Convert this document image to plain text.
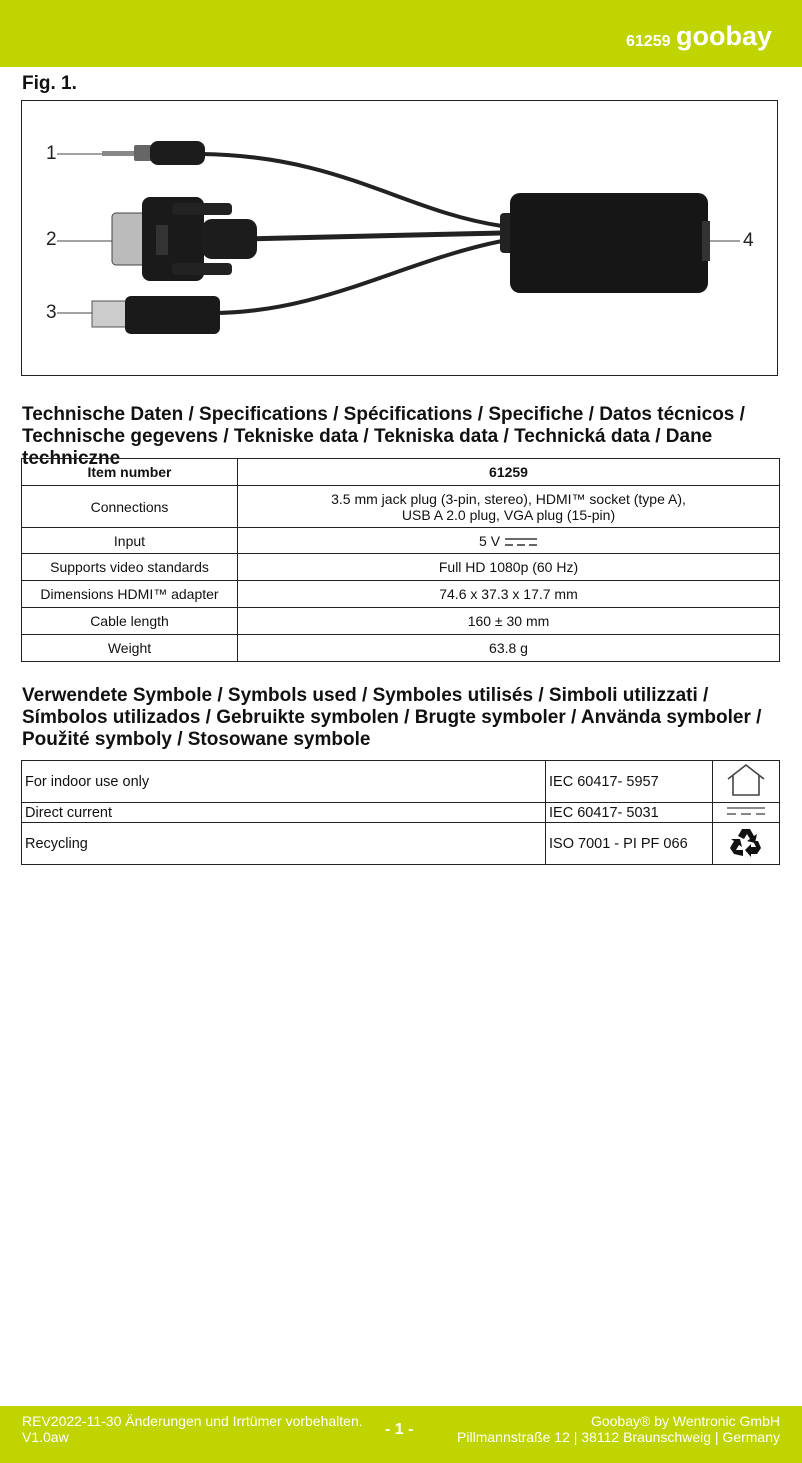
61259 goobay
Fig. 1.
1
2
3
4
Technische Daten / Specifications / Spécifications / Specifiche / Datos técnicos /
Technische gegevens / Tekniske data / Tekniska data / Technická data / Dane techniczne
Item number	61259
Connections	3.5 mm jack plug (3-pin, stereo), HDMI™ socket (type A),
USB A 2.0 plug, VGA plug (15-pin)

Input	5 V
Supports video standards	Full HD 1080p (60 Hz)
Dimensions HDMI™ adapter	74.6 x 37.3 x 17.7 mm
Cable length	160 ± 30 mm
Weight	63.8 g
Verwendete Symbole / Symbols used / Symboles utilisés / Simboli utilizzati /
Símbolos utilizados / Gebruikte symbolen / Brugte symboler / Använda symboler /
Použité symboly / Stosowane symbole
For indoor use only	IEC 60417- 5957	
Direct current	IEC 60417- 5031	
Recycling	ISO 7001 - PI PF 066	
REV2022-11-30 Änderungen und Irrtümer vorbehalten.
V1.0aw	- 1 -	Goobay® by Wentronic GmbH
Pillmannstraße 12 | 38112 Braunschweig | Germany
